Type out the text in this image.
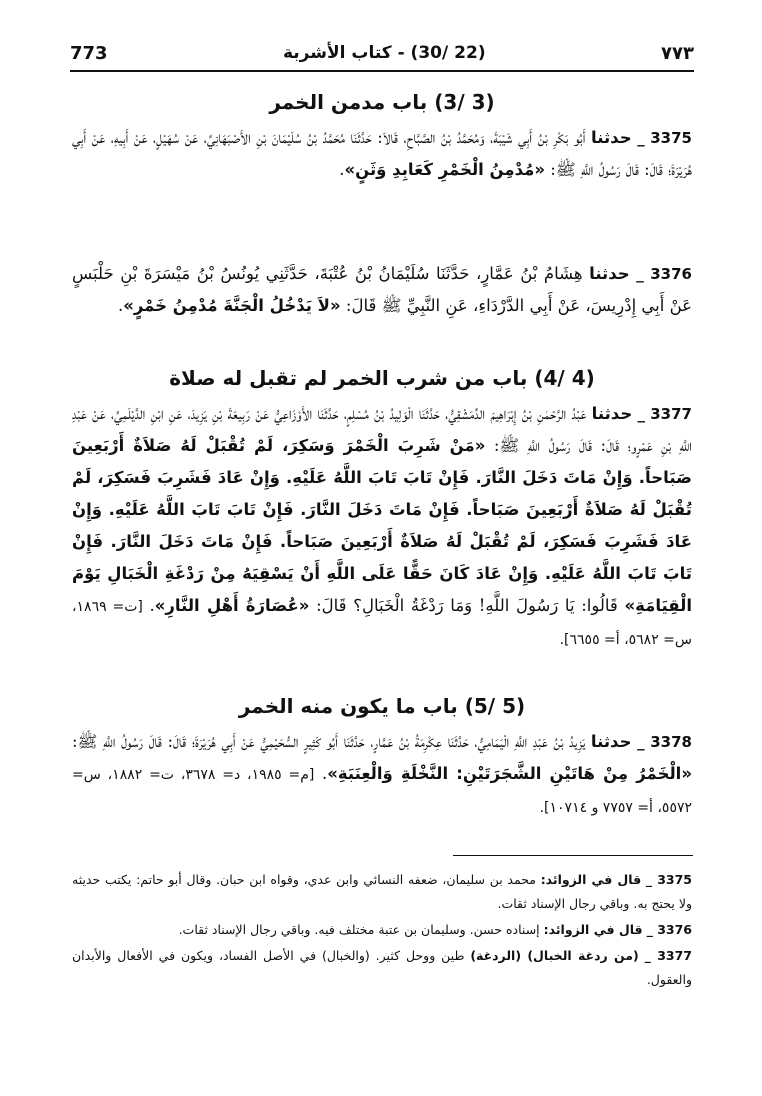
773	(22 /30) - كتاب الأشربة	٧٧٣
(3 /3) باب مدمن الخمر
3375 _ حدثنا أَبُو بَكْرِ بْنُ أَبِي شَيْبَةَ، وَمُحَمَّدُ بْنُ الصَّبَّاحِ، قَالاَ: حَدَّثَنَا مُحَمَّدُ بْنُ سُلَيْمَانَ بْنِ الأَصْبَهَانِيِّ، عَنْ سُهَيْلٍ، عَنْ أَبِيهِ، عَنْ أَبِي هُرَيْرَةَ؛ قَالَ: قَالَ رَسُولُ اللَّهِ ﷺ: «مُدْمِنُ الْخَمْرِ كَعَابِدِ وَثَنٍ».
3376 _ حدثنا هِشَامُ بْنُ عَمَّارٍ، حَدَّثَنَا سُلَيْمَانُ بْنُ عُتْبَةَ، حَدَّثَنِي يُونُسُ بْنُ مَيْسَرَةَ بْنِ حَلْبَسٍ عَنْ أَبِي إِدْرِيسَ، عَنْ أَبِي الدَّرْدَاءِ، عَنِ النَّبِيِّ ﷺ قَالَ: «لاَ يَدْخُلُ الْجَنَّةَ مُدْمِنُ خَمْرٍ».
(4 /4) باب من شرب الخمر لم تقبل له صلاة
3377 _ حدثنا عَبْدُ الرَّحْمٰنِ بْنُ إِبْرَاهِيمَ الدِّمَشْقِيُّ، حَدَّثَنَا الْوَلِيدُ بْنُ مُسْلِمٍ، حَدَّثَنَا الأَوْزَاعِيُّ عَنْ رَبِيعَةَ بْنِ يَزِيدَ، عَنِ ابْنِ الدَّيْلَمِيِّ، عَنْ عَبْدِ اللَّهِ بْنِ عَمْرٍو؛ قَالَ: قَالَ رَسُولُ اللَّهِ ﷺ: «مَنْ شَرِبَ الْخَمْرَ وَسَكِرَ، لَمْ تُقْبَلْ لَهُ صَلاَةٌ أَرْبَعِينَ صَبَاحاً. وَإِنْ مَاتَ دَخَلَ النَّارَ. فَإِنْ تَابَ تَابَ اللَّهُ عَلَيْهِ. وَإِنْ عَادَ فَشَرِبَ فَسَكِرَ، لَمْ تُقْبَلْ لَهُ صَلاَةٌ أَرْبَعِينَ صَبَاحاً. فَإِنْ مَاتَ دَخَلَ النَّارَ. فَإِنْ تَابَ تَابَ اللَّهُ عَلَيْهِ. وَإِنْ عَادَ فَشَرِبَ فَسَكِرَ، لَمْ تُقْبَلْ لَهُ صَلاَةٌ أَرْبَعِينَ صَبَاحاً. فَإِنْ مَاتَ دَخَلَ النَّارَ. فَإِنْ تَابَ تَابَ اللَّهُ عَلَيْهِ. وَإِنْ عَادَ كَانَ حَقًّا عَلَى اللَّهِ أَنْ يَسْقِيَهُ مِنْ رَدْغَةِ الْخَبَالِ يَوْمَ الْقِيَامَةِ» قَالُوا: يَا رَسُولَ اللَّهِ! وَمَا رَدْغَةُ الْخَبَالِ؟ قَالَ: «عُصَارَةُ أَهْلِ النَّارِ». [ت= ١٨٦٩، س= ٥٦٨٢، أ= ٦٦٥٥].
(5 /5) باب ما يكون منه الخمر
3378 _ حدثنا يَزِيدُ بْنُ عَبْدِ اللَّهِ الْيَمَامِيُّ، حَدَّثَنَا عِكْرِمَةُ بْنُ عَمَّارٍ، حَدَّثَنَا أَبُو كَثِيرٍ السُّحَيْمِيُّ عَنْ أَبِي هُرَيْرَةَ؛ قَالَ: قَالَ رَسُولُ اللَّهِ ﷺ: «الْخَمْرُ مِنْ هَاتَيْنِ الشَّجَرَتَيْنِ: النَّخْلَةِ وَالْعِنَبَةِ». [م= ١٩٨٥، د= ٣٦٧٨، ت= ١٨٨٢، س= ٥٥٧٢، أ= ٧٧٥٧ و ١٠٧١٤].
3375 _ قال في الزوائد: محمد بن سليمان، ضعفه النسائي وابن عدي، وقواه ابن حبان. وقال أبو حاتم: يكتب حديثه ولا يحتج به. وباقي رجال الإسناد ثقات.
3376 _ قال في الزوائد: إسناده حسن. وسليمان بن عتبة مختلف فيه. وباقي رجال الإسناد ثقات.
3377 _ (من ردغة الخبال) (الردغة) طين ووحل كثير. (والخبال) في الأصل الفساد، ويكون في الأفعال والأبدان والعقول.
